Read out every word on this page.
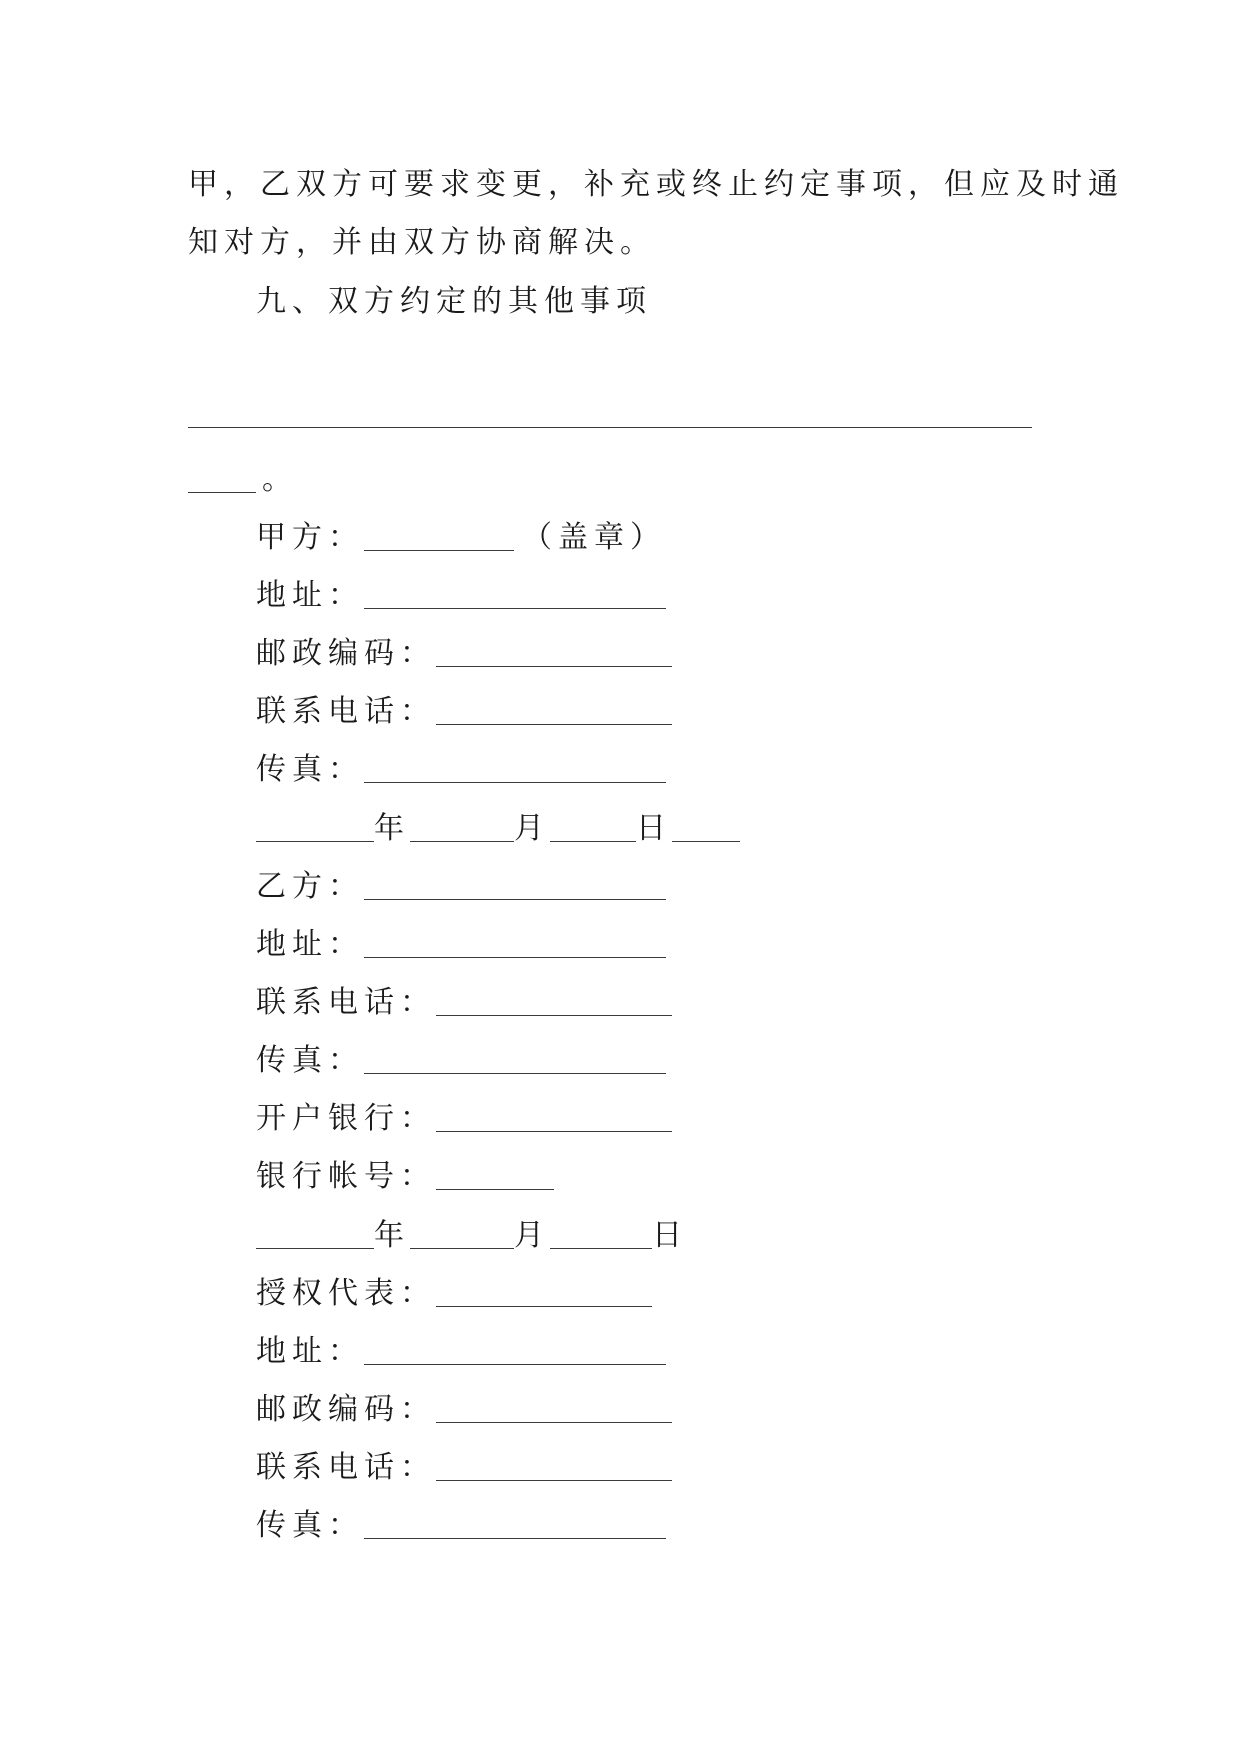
甲，乙双方可要求变更，补充或终止约定事项，但应及时通
知对方，并由双方协商解决。
九、双方约定的其他事项
。
甲方：	（盖章）
地址：
邮政编码：
联系电话：
传真：
年	月	日
乙方：
地址：
联系电话：
传真：
开户银行：
银行帐号：
年	月	日
授权代表：
地址：
邮政编码：
联系电话：
传真：
